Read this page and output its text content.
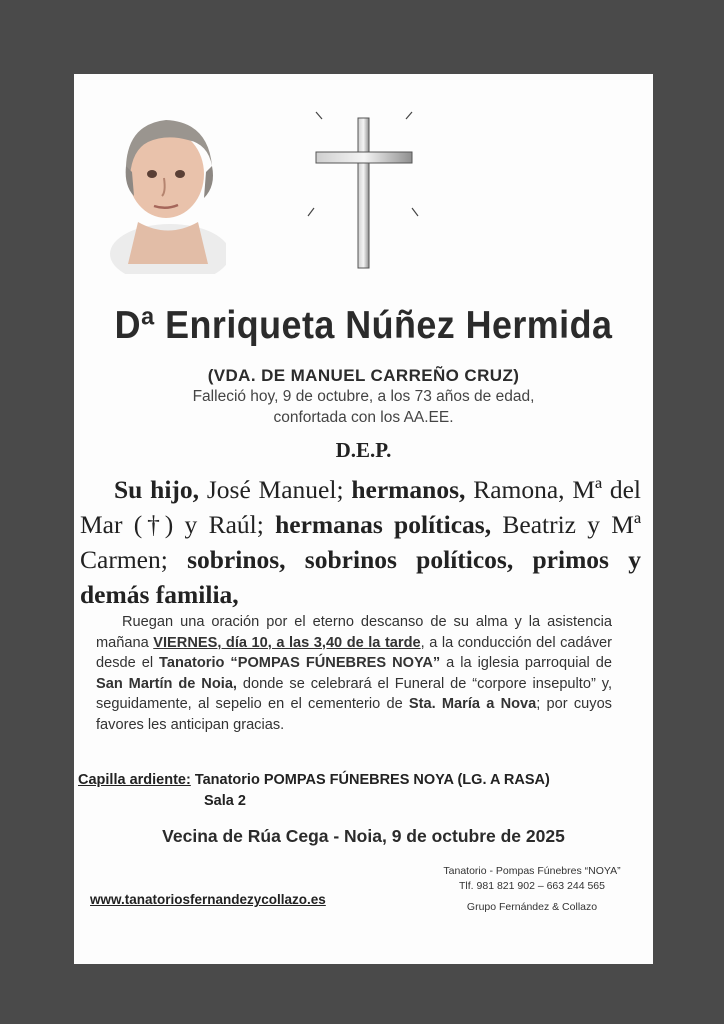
Dª Enriqueta Núñez Hermida
(VDA. DE MANUEL CARREÑO CRUZ)
Falleció hoy, 9 de octubre, a los 73 años de edad,
confortada con los AA.EE.
D.E.P.
Su hijo, José Manuel; hermanos, Ramona, Mª del Mar (†) y Raúl; hermanas políticas, Beatriz y Mª Carmen; sobrinos, sobrinos políticos, primos y demás familia,
Ruegan una oración por el eterno descanso de su alma y la asistencia mañana VIERNES, día 10, a las 3,40 de la tarde, a la conducción del cadáver desde el Tanatorio “POMPAS FÚNEBRES NOYA” a la iglesia parroquial de San Martín de Noia, donde se celebrará el Funeral de “corpore insepulto” y, seguidamente, al sepelio en el cementerio de Sta. María a Nova; por cuyos favores les anticipan gracias.
Capilla ardiente: Tanatorio POMPAS FÚNEBRES NOYA (LG. A RASA)
Sala 2
Vecina de Rúa Cega - Noia, 9 de octubre de 2025
Tanatorio - Pompas Fúnebres “NOYA”
Tlf. 981 821 902 – 663 244 565
Grupo Fernández & Collazo
www.tanatoriosfernandezycollazo.es
